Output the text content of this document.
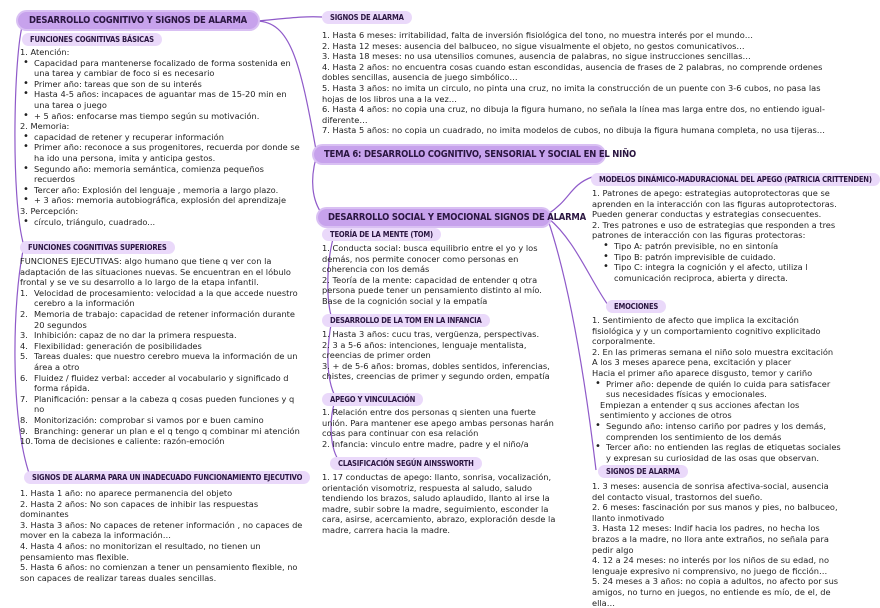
DESARROLLO COGNITIVO Y SIGNOS DE ALARMA
FUNCIONES COGNITIVAS BÁSICAS

1. Atención:

• Capacidad para mantenerse focalizado de forma sostenida en una tarea y cambiar de foco si es necesario
• Primer año: tareas que son de su interés
• Hasta 4-5 años: incapaces de aguantar mas de 15-20 min en una tarea o juego
• + 5 años: enfocarse mas tiempo según su motivación.

2. Memoria:

• capacidad de retener y recuperar información
• Primer año: reconoce a sus progenitores, recuerda por donde se ha ido una persona, imita y anticipa gestos.
• Segundo año: memoria semántica, comienza pequeños recuerdos
• Tercer año: Explosión del lenguaje , memoria a largo plazo.
• + 3 años: memoria autobiográfica, explosión del aprendizaje

3. Percepción:

• círculo, triángulo, cuadrado...
FUNCIONES COGNITIVAS SUPERIORES

FUNCIONES EJECUTIVAS: algo humano que tiene q ver con la adaptación de las situaciones nuevas. Se encuentran en el lóbulo frontal y se ve su desarrollo a lo largo de la etapa infantil.

1. Velocidad de procesamiento: velocidad a la que accede nuestro cerebro a la información
2. Memoria de trabajo: capacidad de retener información durante 20 segundos
3. Inhibición: capaz de no dar la primera respuesta.
4. Flexibilidad: generación de posibilidades
5. Tareas duales: que nuestro cerebro mueva la información de un área a otro
6. Fluidez / fluidez verbal: acceder al vocabulario y significado d forma rápida.
7. Planificación: pensar a la cabeza q cosas pueden funciones y q no
8. Monitorización: comprobar si vamos por e buen camino
9. Branching: generar un plan e el q tengo q combinar mi atención
10. Toma de decisiones e caliente: razón-emoción
SIGNOS DE ALARMA PARA UN INADECUADO FUNCIONAMIENTO EJECUTIVO

1. Hasta 1 año: no aparece permanencia del objeto

2. Hasta 2 años: No son capaces de inhibir las respuestas dominantes

3. Hasta 3 años: No capaces de retener información , no capaces de mover en la cabeza la información…

4. Hasta 4 años: no monitorizan el resultado, no tienen un pensamiento mas flexible.

5. Hasta 6 años: no comienzan a tener un pensamiento flexible, no son capaces de realizar tareas duales sencillas.

SIGNOS DE ALARMA

1. Hasta 6 meses: irritabilidad, falta de inversión fisiológica del tono, no muestra interés por el mundo…

2. Hasta 12 meses: ausencia del balbuceo, no sigue visualmente el objeto, no gestos comunicativos…

3. Hasta 18 meses: no usa utensilios comunes, ausencia de palabras, no sigue instrucciones sencillas…

4. Hasta 2 años: no encuentra cosas cuando estan escondidas, ausencia de frases de 2 palabras, no comprende ordenes dobles sencillas, ausencia de juego simbólico…

5. Hasta 3 años: no imita un circulo, no pinta una cruz, no imita la construcción de un puente con 3-6 cubos, no pasa las hojas de los libros una a la vez…

6. Hasta 4 años: no copia una cruz, no dibuja la figura humano, no señala la línea mas larga entre dos, no entiendo igual-diferente…

7. Hasta 5 años: no copia un cuadrado, no imita modelos de cubos, no dibuja la figura humana completa, no usa tijeras…

TEMA 6: DESARROLLO COGNITIVO, SENSORIAL Y SOCIAL EN EL NIÑO
DESARROLLO SOCIAL Y EMOCIONAL SIGNOS DE ALARMA
TEORÍA DE LA MENTE (TOM)

1. Conducta social: busca equilibrio entre el yo y los demás, nos permite conocer como personas en coherencia con los demás

2. Teoría de la mente: capacidad de entender q otra persona puede tener un pensamiento distinto al mío. Base de la cognición social y la empatía

DESARROLLO DE LA TOM EN LA INFANCIA

1. Hasta 3 años: cucu tras, vergüenza, perspectivas.

2. 3 a 5-6 años: intenciones, lenguaje mentalista, creencias de primer orden

3. + de 5-6 años: bromas, dobles sentidos, inferencias, chistes, creencias de primer y segundo orden, empatía

APEGO Y VINCULACIÓN

1. Relación entre dos personas q sienten una fuerte unión. Para mantener ese apego ambas personas harán cosas para continuar con esa relación

2. Infancia: vinculo entre madre, padre y el niño/a

CLASIFICACIÓN SEGÚN AINSSWORTH

1. 17 conductas de apego: llanto, sonrisa, vocalización, orientación visomotriz, respuesta al saludo, saludo tendiendo los brazos, saludo aplaudido, llanto al irse la madre, subir sobre la madre, seguimiento, esconder la cara, asirse, acercamiento, abrazo, exploración desde la madre, carrera hacia la madre.

MODELOS DINÁMICO-MADURACIONAL DEL APEGO (PATRICIA CRITTENDEN)

1. Patrones de apego: estrategias autoprotectoras que se aprenden en la interacción con las figuras autoprotectoras. Pueden generar conductas y estrategias consecuentes.

2. Tres patrones e uso de estrategias que responden a tres patrones de interacción con las figuras protectoras:

• Tipo A: patrón previsible, no en sintonía
• Tipo B: patrón imprevisible de cuidado.
• Tipo C: integra la cognición y el afecto, utiliza l comunicación reciproca, abierta y directa.
EMOCIONES

1. Sentimiento de afecto que implica la excitación fisiológica y y un comportamiento cognitivo explicitado corporalmente.

2. En las primeras semana el niño solo muestra excitación

A los 3 meses aparece pena, excitación y placer

Hacia el primer año aparece disgusto, temor y cariño

• Primer año: depende de quién lo cuida para satisfacer sus necesidades físicas y emocionales.

Empiezan a entender q sus acciones afectan los sentimiento y acciones de otros

• Segundo año: intenso cariño por padres y los demás, comprenden los sentimiento de los demás
• Tercer año: no entienden las reglas de etiquetas sociales y expresan su curiosidad de las osas que observan.
SIGNOS DE ALARMA

1. 3 meses: ausencia de sonrisa afectiva-social, ausencia del contacto visual, trastornos del sueño.

2. 6 meses: fascinación por sus manos y pies, no balbuceo, llanto inmotivado

3. Hasta 12 meses: Indif hacia los padres, no hecha los brazos a la madre, no llora ante extraños, no señala para pedir algo

4. 12 a 24 meses: no interés por los niños de su edad, no lenguaje expresivo ni comprensivo, no juego de ficción…

5. 24 meses a 3 años: no copia a adultos, no afecto por sus amigos, no turno en juegos, no entiende es mío, de el, de ella…
